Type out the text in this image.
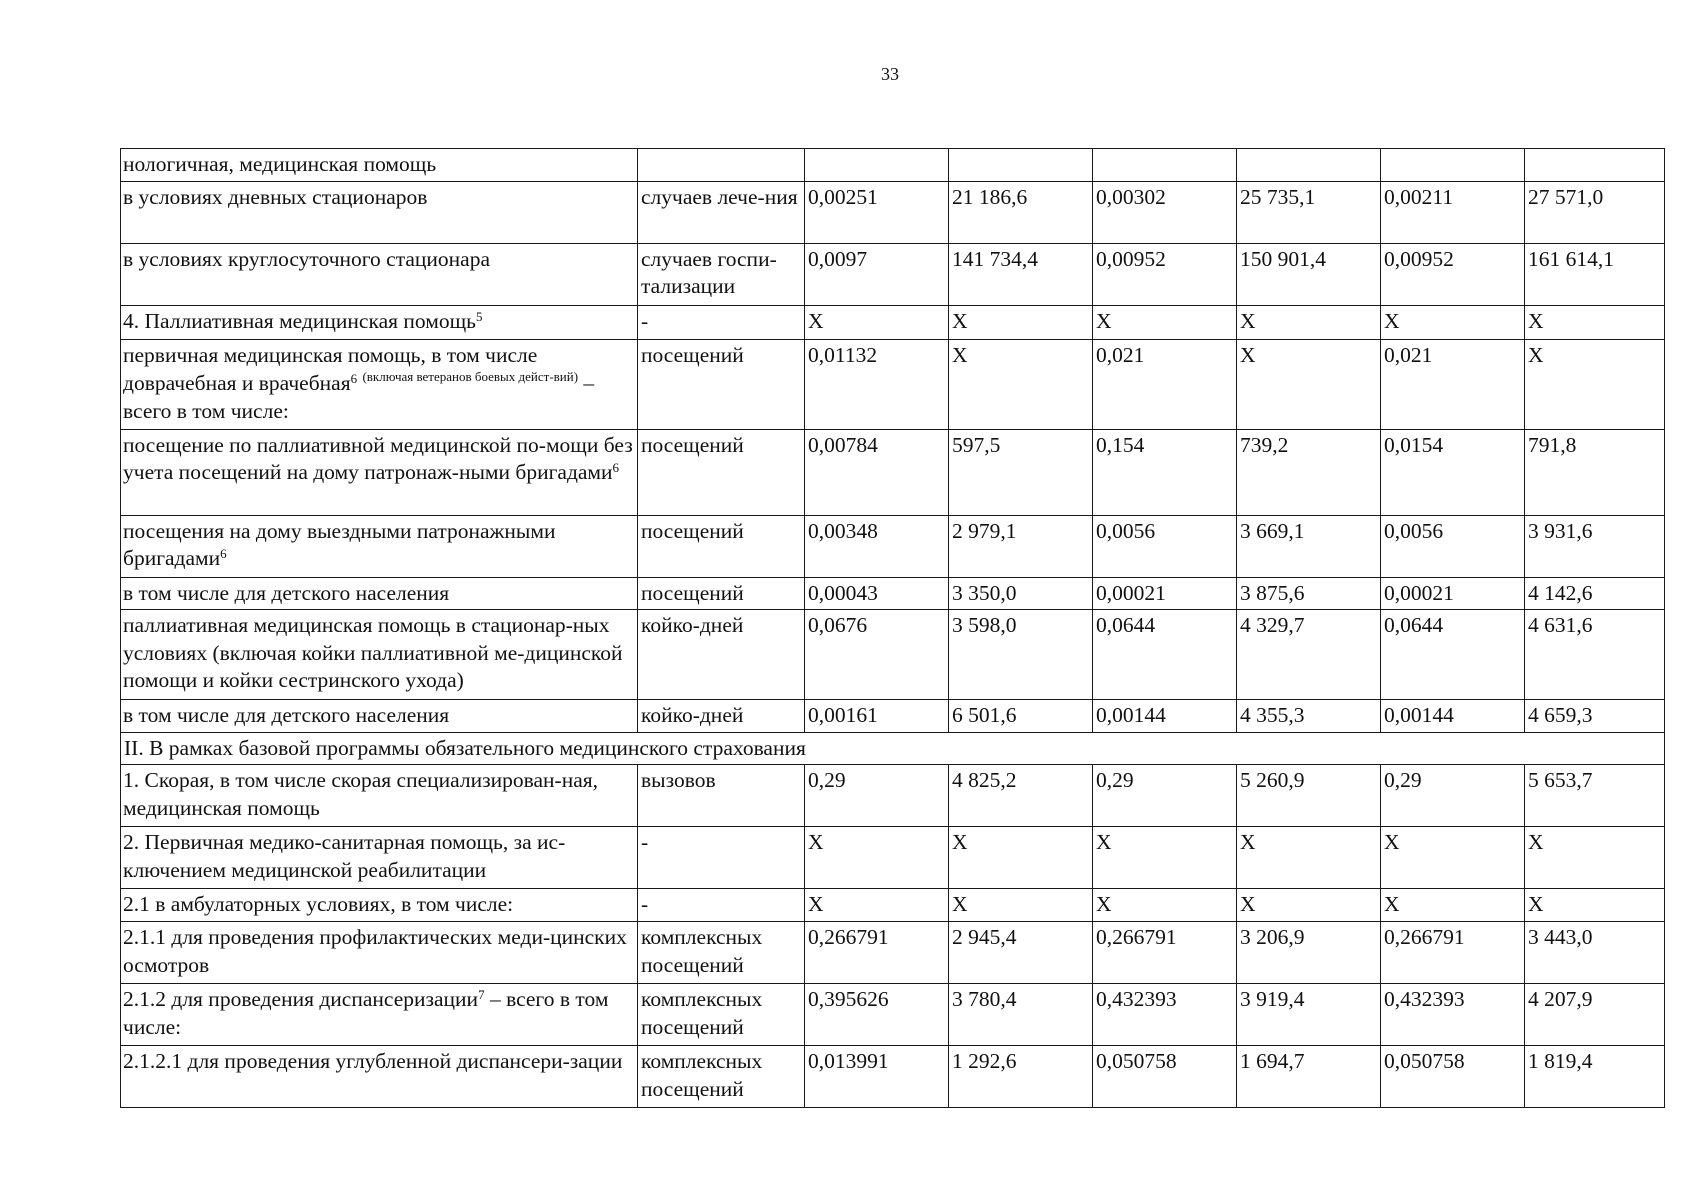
33
нологичная, медицинская помощь							
в условиях дневных стационаров	случаев лече-ния	0,00251	21 186,6	0,00302	25 735,1	0,00211	27 571,0
в условиях круглосуточного стационара	случаев госпи-тализации	0,0097	141 734,4	0,00952	150 901,4	0,00952	161 614,1
4. Паллиативная медицинская помощь$^5$	-	X	X	X	X	X	X
первичная медицинская помощь, в том числе доврачебная и врачебная$^6$ $^{(включая ветеранов боевых дейст-вий)}$ – всего в том числе:	посещений	0,01132	X	0,021	X	0,021	X
посещение по паллиативной медицинской по-мощи без учета посещений на дому патронаж-ными бригадами$^6$	посещений	0,00784	597,5	0,154	739,2	0,0154	791,8
посещения на дому выездными патронажными бригадами$^6$	посещений	0,00348	2 979,1	0,0056	3 669,1	0,0056	3 931,6
в том числе для детского населения	посещений	0,00043	3 350,0	0,00021	3 875,6	0,00021	4 142,6
паллиативная медицинская помощь в стационар-ных условиях (включая койки паллиативной ме-дицинской помощи и койки сестринского ухода)	койко-дней	0,0676	3 598,0	0,0644	4 329,7	0,0644	4 631,6
в том числе для детского населения	койко-дней	0,00161	6 501,6	0,00144	4 355,3	0,00144	4 659,3
II. В рамках базовой программы обязательного медицинского страхования							
1. Скорая, в том числе скорая специализирован-ная, медицинская помощь	вызовов	0,29	4 825,2	0,29	5 260,9	0,29	5 653,7
2. Первичная медико-санитарная помощь, за ис-ключением медицинской реабилитации	-	X	X	X	X	X	X
2.1 в амбулаторных условиях, в том числе:	-	X	X	X	X	X	X
2.1.1 для проведения профилактических меди-цинских осмотров	комплексных посещений	0,266791	2 945,4	0,266791	3 206,9	0,266791	3 443,0
2.1.2 для проведения диспансеризации$^7$ – всего в том числе:	комплексных посещений	0,395626	3 780,4	0,432393	3 919,4	0,432393	4 207,9
2.1.2.1 для проведения углубленной диспансери-зации	комплексных посещений	0,013991	1 292,6	0,050758	1 694,7	0,050758	1 819,4
